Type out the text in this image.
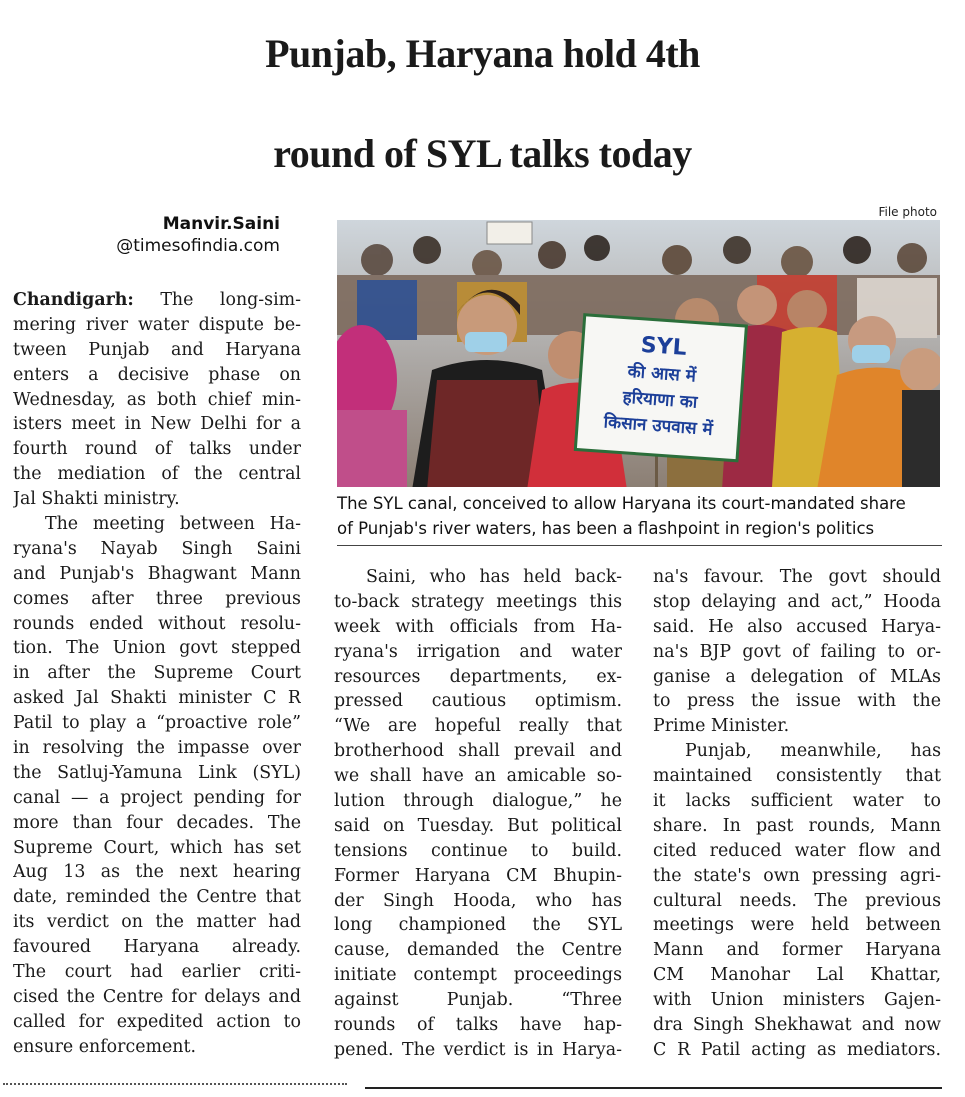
Punjab, Haryana hold 4th
round of SYL talks today
Manvir.Saini
@timesofindia.com
File photo
SYL
की आस में
हरियाणा का
किसान उपवास में
The SYL canal, conceived to allow Haryana its court-mandated share
of Punjab's river waters, has been a flashpoint in region's politics
Chandigarh: The long-sim-
mering river water dispute be-
tween Punjab and Haryana
enters a decisive phase on
Wednesday, as both chief min-
isters meet in New Delhi for a
fourth round of talks under
the mediation of the central
Jal Shakti ministry.
The meeting between Ha-
ryana's Nayab Singh Saini
and Punjab's Bhagwant Mann
comes after three previous
rounds ended without resolu-
tion. The Union govt stepped
in after the Supreme Court
asked Jal Shakti minister C R
Patil to play a “proactive role”
in resolving the impasse over
the Satluj-Yamuna Link (SYL)
canal — a project pending for
more than four decades. The
Supreme Court, which has set
Aug 13 as the next hearing
date, reminded the Centre that
its verdict on the matter had
favoured Haryana already.
The court had earlier criti-
cised the Centre for delays and
called for expedited action to
ensure enforcement.
Saini, who has held back-
to-back strategy meetings this
week with officials from Ha-
ryana's irrigation and water
resources departments, ex-
pressed cautious optimism.
“We are hopeful really that
brotherhood shall prevail and
we shall have an amicable so-
lution through dialogue,” he
said on Tuesday. But political
tensions continue to build.
Former Haryana CM Bhupin-
der Singh Hooda, who has
long championed the SYL
cause, demanded the Centre
initiate contempt proceedings
against Punjab. “Three
rounds of talks have hap-
pened. The verdict is in Harya-
na's favour. The govt should
stop delaying and act,” Hooda
said. He also accused Harya-
na's BJP govt of failing to or-
ganise a delegation of MLAs
to press the issue with the
Prime Minister.
Punjab, meanwhile, has
maintained consistently that
it lacks sufficient water to
share. In past rounds, Mann
cited reduced water flow and
the state's own pressing agri-
cultural needs. The previous
meetings were held between
Mann and former Haryana
CM Manohar Lal Khattar,
with Union ministers Gajen-
dra Singh Shekhawat and now
C R Patil acting as mediators.
